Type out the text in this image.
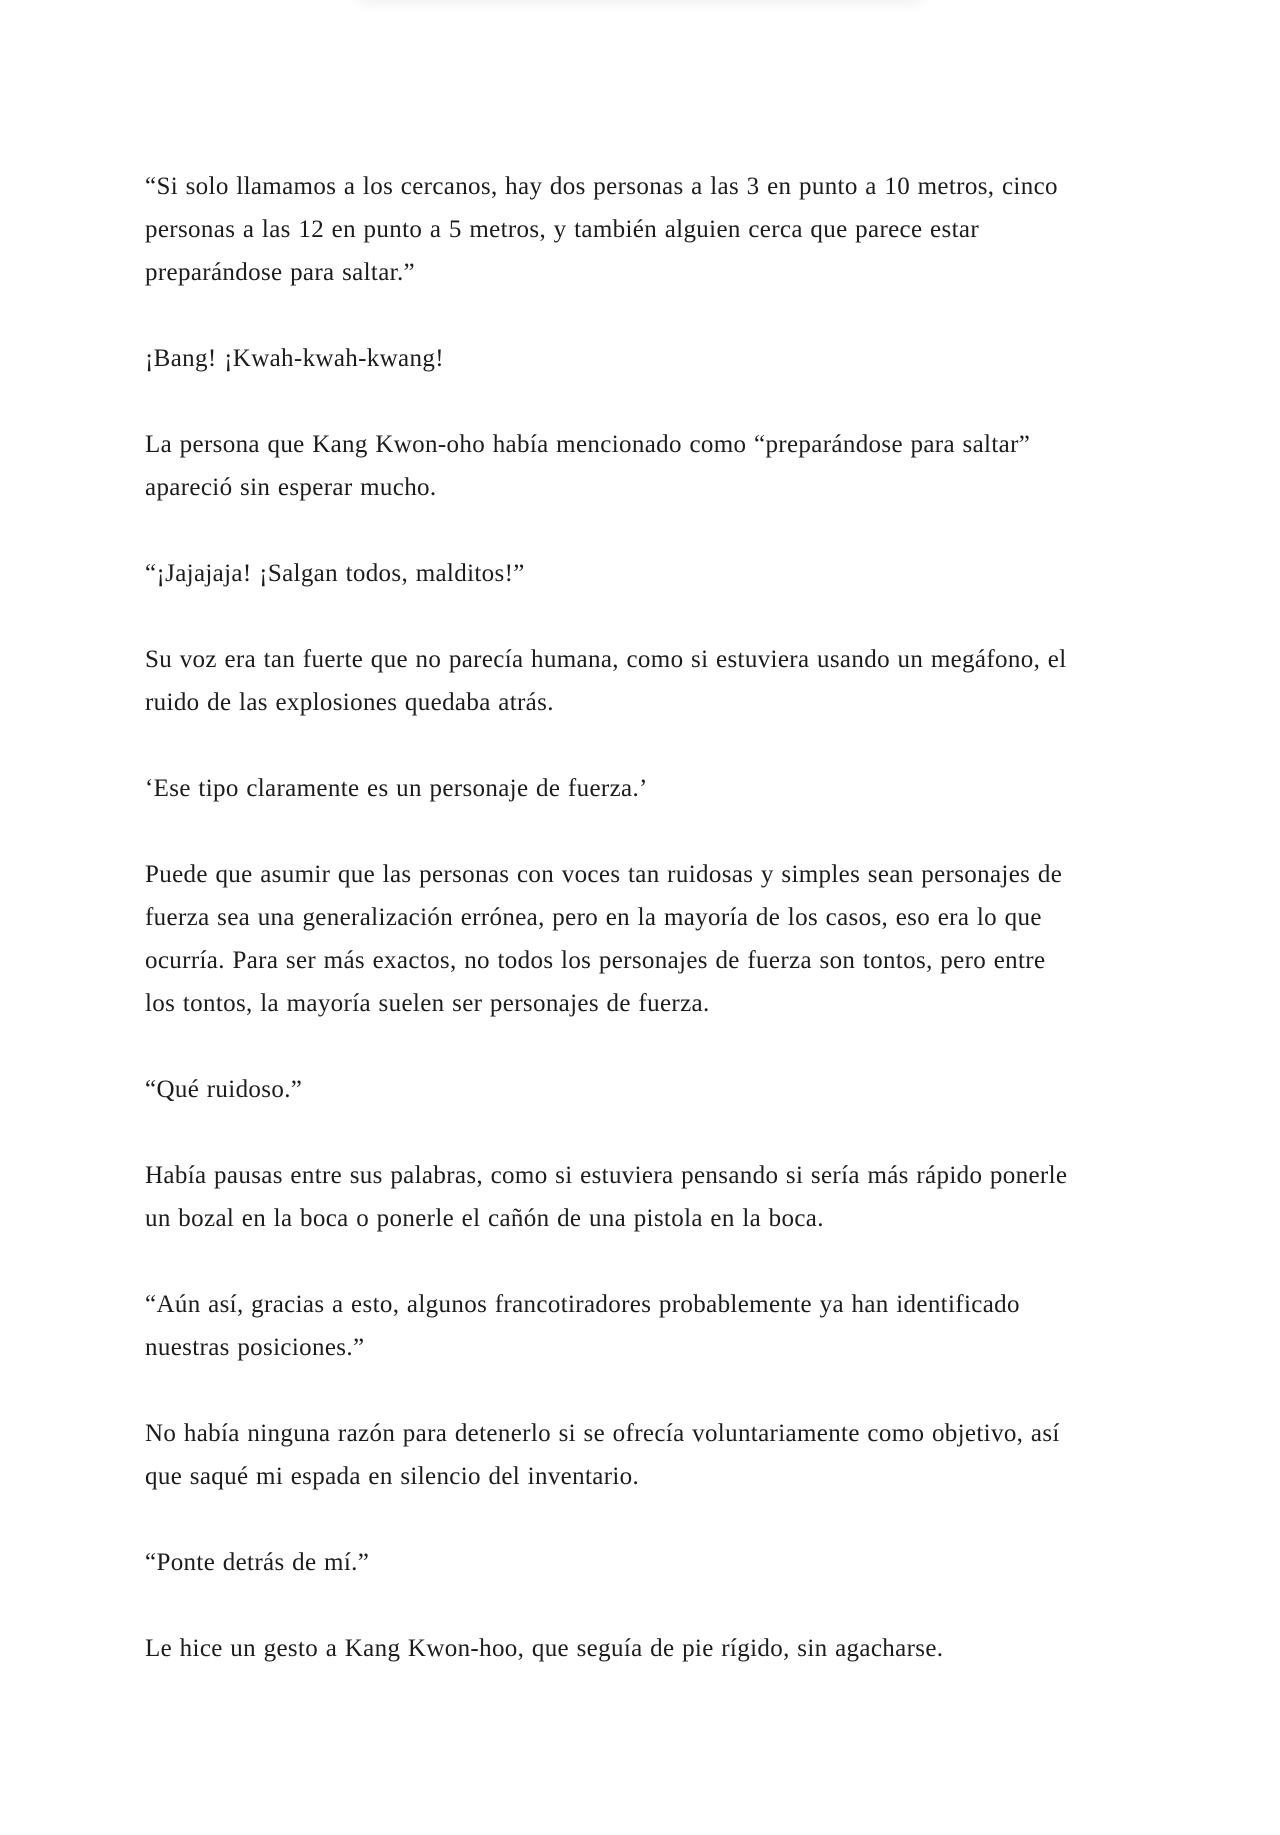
“Si solo llamamos a los cercanos, hay dos personas a las 3 en punto a 10 metros, cinco
personas a las 12 en punto a 5 metros, y también alguien cerca que parece estar
preparándose para saltar.”

¡Bang! ¡Kwah-kwah-kwang!

La persona que Kang Kwon-oho había mencionado como “preparándose para saltar”
apareció sin esperar mucho.

“¡Jajajaja! ¡Salgan todos, malditos!”

Su voz era tan fuerte que no parecía humana, como si estuviera usando un megáfono, el
ruido de las explosiones quedaba atrás.

‘Ese tipo claramente es un personaje de fuerza.’

Puede que asumir que las personas con voces tan ruidosas y simples sean personajes de
fuerza sea una generalización errónea, pero en la mayoría de los casos, eso era lo que
ocurría. Para ser más exactos, no todos los personajes de fuerza son tontos, pero entre
los tontos, la mayoría suelen ser personajes de fuerza.

“Qué ruidoso.”

Había pausas entre sus palabras, como si estuviera pensando si sería más rápido ponerle
un bozal en la boca o ponerle el cañón de una pistola en la boca.

“Aún así, gracias a esto, algunos francotiradores probablemente ya han identificado
nuestras posiciones.”

No había ninguna razón para detenerlo si se ofrecía voluntariamente como objetivo, así
que saqué mi espada en silencio del inventario.

“Ponte detrás de mí.”

Le hice un gesto a Kang Kwon-hoo, que seguía de pie rígido, sin agacharse.
